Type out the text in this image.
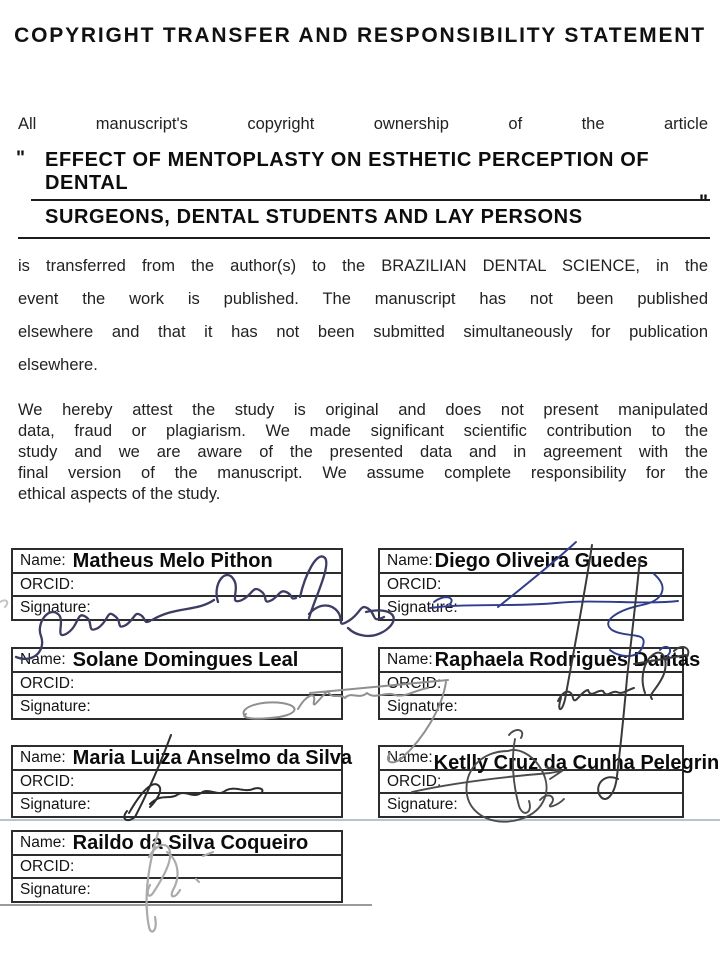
COPYRIGHT TRANSFER AND RESPONSIBILITY STATEMENT
All manuscript's copyright ownership of the article
" EFFECT OF MENTOPLASTY ON ESTHETIC PERCEPTION OF DENTAL
SURGEONS, DENTAL STUDENTS AND LAY PERSONS
"
is transferred from the author(s) to the BRAZILIAN DENTAL SCIENCE, in the
event the work is published. The manuscript has not been published
elsewhere and that it has not been submitted simultaneously for publication
elsewhere.
We hereby attest the study is original and does not present manipulated
data, fraud or plagiarism. We made significant scientific contribution to the
study and we are aware of the presented data and in agreement with the
final version of the manuscript. We assume complete responsibility for the
ethical aspects of the study.
Name: Matheus Melo Pithon
ORCID:
Signature:
Name: Diego Oliveira Guedes
ORCID:
Signature:
Name: Solane Domingues Leal
ORCID:
Signature:
Name: Raphaela Rodrigues Dantas
ORCID:
Signature:
Name: Maria Luiza Anselmo da Silva
ORCID:
Signature:
Name: Ketlly Cruz da Cunha Pelegrin
ORCID:
Signature:
Name: Raildo da Silva Coqueiro
ORCID:
Signature:
